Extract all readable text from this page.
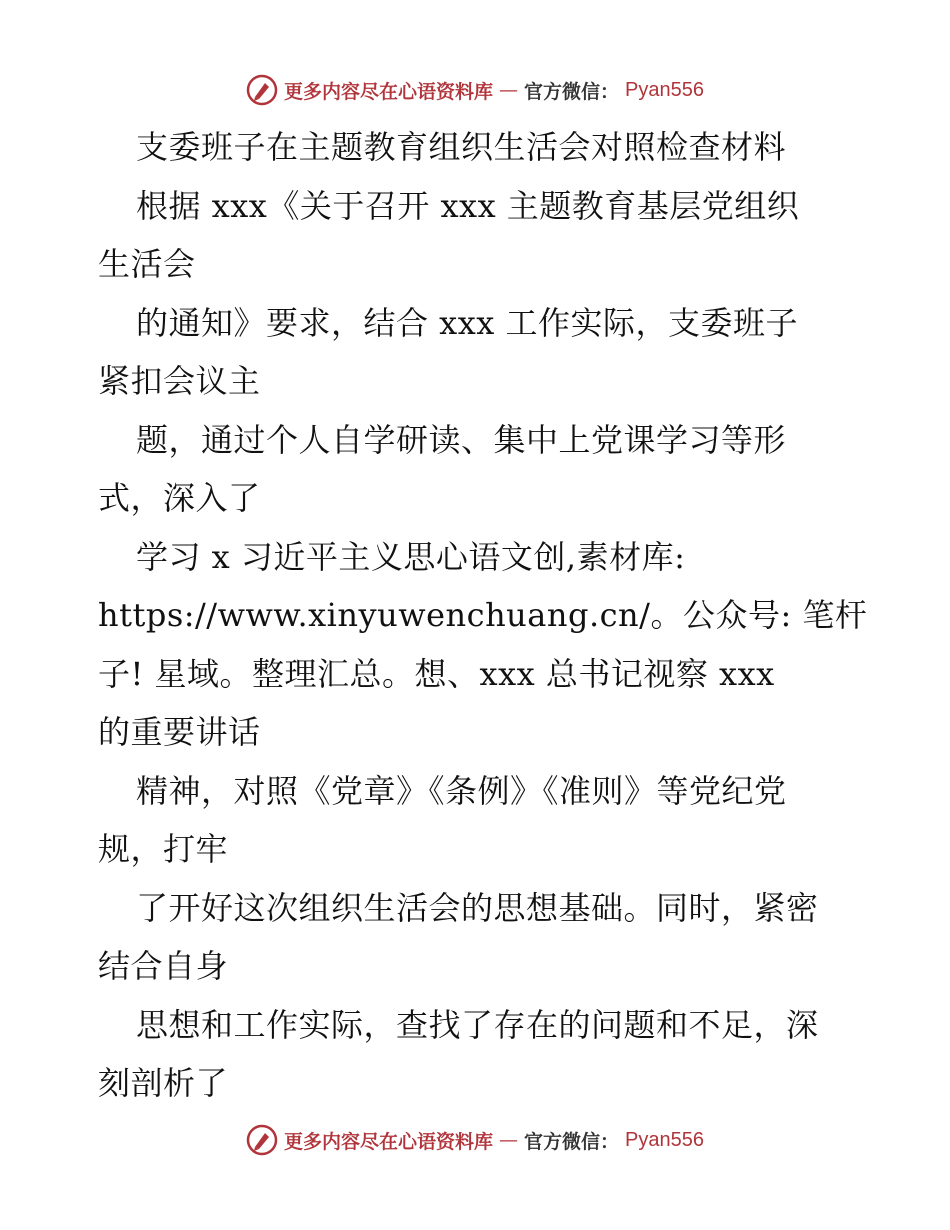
更多内容尽在心语资料库 — 官方微信： Pyan556
支委班子在主题教育组织生活会对照检查材料
根据 xxx《关于召开 xxx 主题教育基层党组织
生活会
的通知》要求，结合 xxx 工作实际，支委班子
紧扣会议主
题，通过个人自学研读、集中上党课学习等形
式，深入了
学习 x 习近平主义思心语文创,素材库:
https://www.xinyuwenchuang.cn/。公众号: 笔杆
子! 星域。整理汇总。想、xxx 总书记视察 xxx
的重要讲话
精神，对照《党章》《条例》《准则》等党纪党
规，打牢
了开好这次组织生活会的思想基础。同时，紧密
结合自身
思想和工作实际，查找了存在的问题和不足，深
刻剖析了
更多内容尽在心语资料库 — 官方微信： Pyan556
